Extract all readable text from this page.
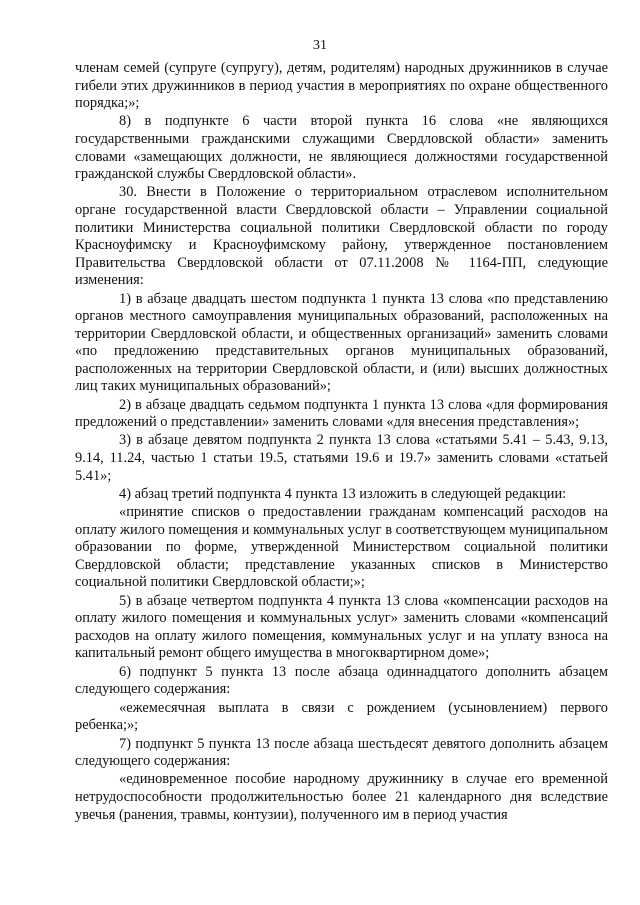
31

членам семей (супруге (супругу), детям, родителям) народных дружинников в случае гибели этих дружинников в период участия в мероприятиях по охране общественного порядка;»;

8) в подпункте 6 части второй пункта 16 слова «не являющихся государственными гражданскими служащими Свердловской области» заменить словами «замещающих должности, не являющиеся должностями государственной гражданской службы Свердловской области».

30. Внести в Положение о территориальном отраслевом исполнительном органе государственной власти Свердловской области – Управлении социальной политики Министерства социальной политики Свердловской области по городу Красноуфимску и Красноуфимскому району, утвержденное постановлением Правительства Свердловской области от 07.11.2008 № 1164-ПП, следующие изменения:

1) в абзаце двадцать шестом подпункта 1 пункта 13 слова «по представлению органов местного самоуправления муниципальных образований, расположенных на территории Свердловской области, и общественных организаций» заменить словами «по предложению представительных органов муниципальных образований, расположенных на территории Свердловской области, и (или) высших должностных лиц таких муниципальных образований»;

2) в абзаце двадцать седьмом подпункта 1 пункта 13 слова «для формирования предложений о представлении» заменить словами «для внесения представления»;

3) в абзаце девятом подпункта 2 пункта 13 слова «статьями 5.41 – 5.43, 9.13, 9.14, 11.24, частью 1 статьи 19.5, статьями 19.6 и 19.7» заменить словами «статьей 5.41»;

4) абзац третий подпункта 4 пункта 13 изложить в следующей редакции:

«принятие списков о предоставлении гражданам компенсаций расходов на оплату жилого помещения и коммунальных услуг в соответствующем муниципальном образовании по форме, утвержденной Министерством социальной политики Свердловской области; представление указанных списков в Министерство социальной политики Свердловской области;»;

5) в абзаце четвертом подпункта 4 пункта 13 слова «компенсации расходов на оплату жилого помещения и коммунальных услуг» заменить словами «компенсаций расходов на оплату жилого помещения, коммунальных услуг и на уплату взноса на капитальный ремонт общего имущества в многоквартирном доме»;

6) подпункт 5 пункта 13 после абзаца одиннадцатого дополнить абзацем следующего содержания:

«ежемесячная выплата в связи с рождением (усыновлением) первого ребенка;»;

7) подпункт 5 пункта 13 после абзаца шестьдесят девятого дополнить абзацем следующего содержания:

«единовременное пособие народному дружиннику в случае его временной нетрудоспособности продолжительностью более 21 календарного дня вследствие увечья (ранения, травмы, контузии), полученного им в период участия
